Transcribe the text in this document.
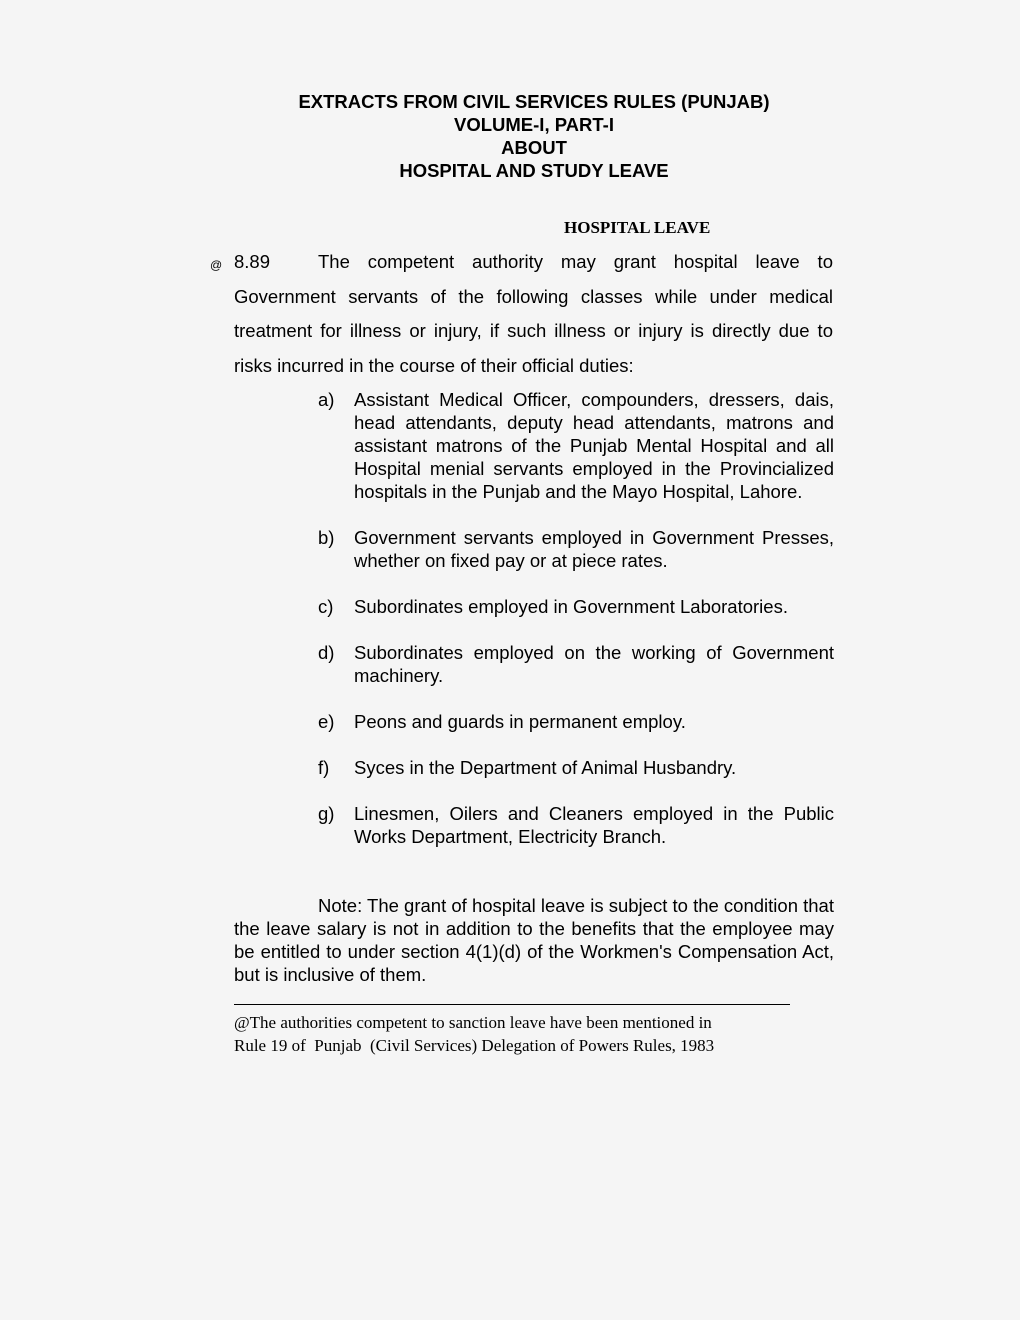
EXTRACTS FROM CIVIL SERVICES RULES (PUNJAB)
VOLUME-I, PART-I
ABOUT
HOSPITAL AND STUDY LEAVE
HOSPITAL LEAVE
@ 8.89	The competent authority may grant hospital leave to Government servants of the following classes while under medical treatment for illness or injury, if such illness or injury is directly due to risks incurred in the course of their official duties:
a)	Assistant Medical Officer, compounders, dressers, dais, head attendants, deputy head attendants, matrons and assistant matrons of the Punjab Mental Hospital and all Hospital menial servants employed in the Provincialized hospitals in the Punjab and the Mayo Hospital, Lahore.
b)	Government servants employed in Government Presses, whether on fixed pay or at piece rates.
c)	Subordinates employed in Government Laboratories.
d)	Subordinates employed on the working of Government machinery.
e)	Peons and guards in permanent employ.
f)	Syces in the Department of Animal Husbandry.
g)	Linesmen, Oilers and Cleaners employed in the Public Works Department, Electricity Branch.
Note: The grant of hospital leave is subject to the condition that the leave salary is not in addition to the benefits that the employee may be entitled to under section 4(1)(d) of the Workmen's Compensation Act, but is inclusive of them.
@The authorities competent to sanction leave have been mentioned in
Rule 19 of  Punjab  (Civil Services) Delegation of Powers Rules, 1983
